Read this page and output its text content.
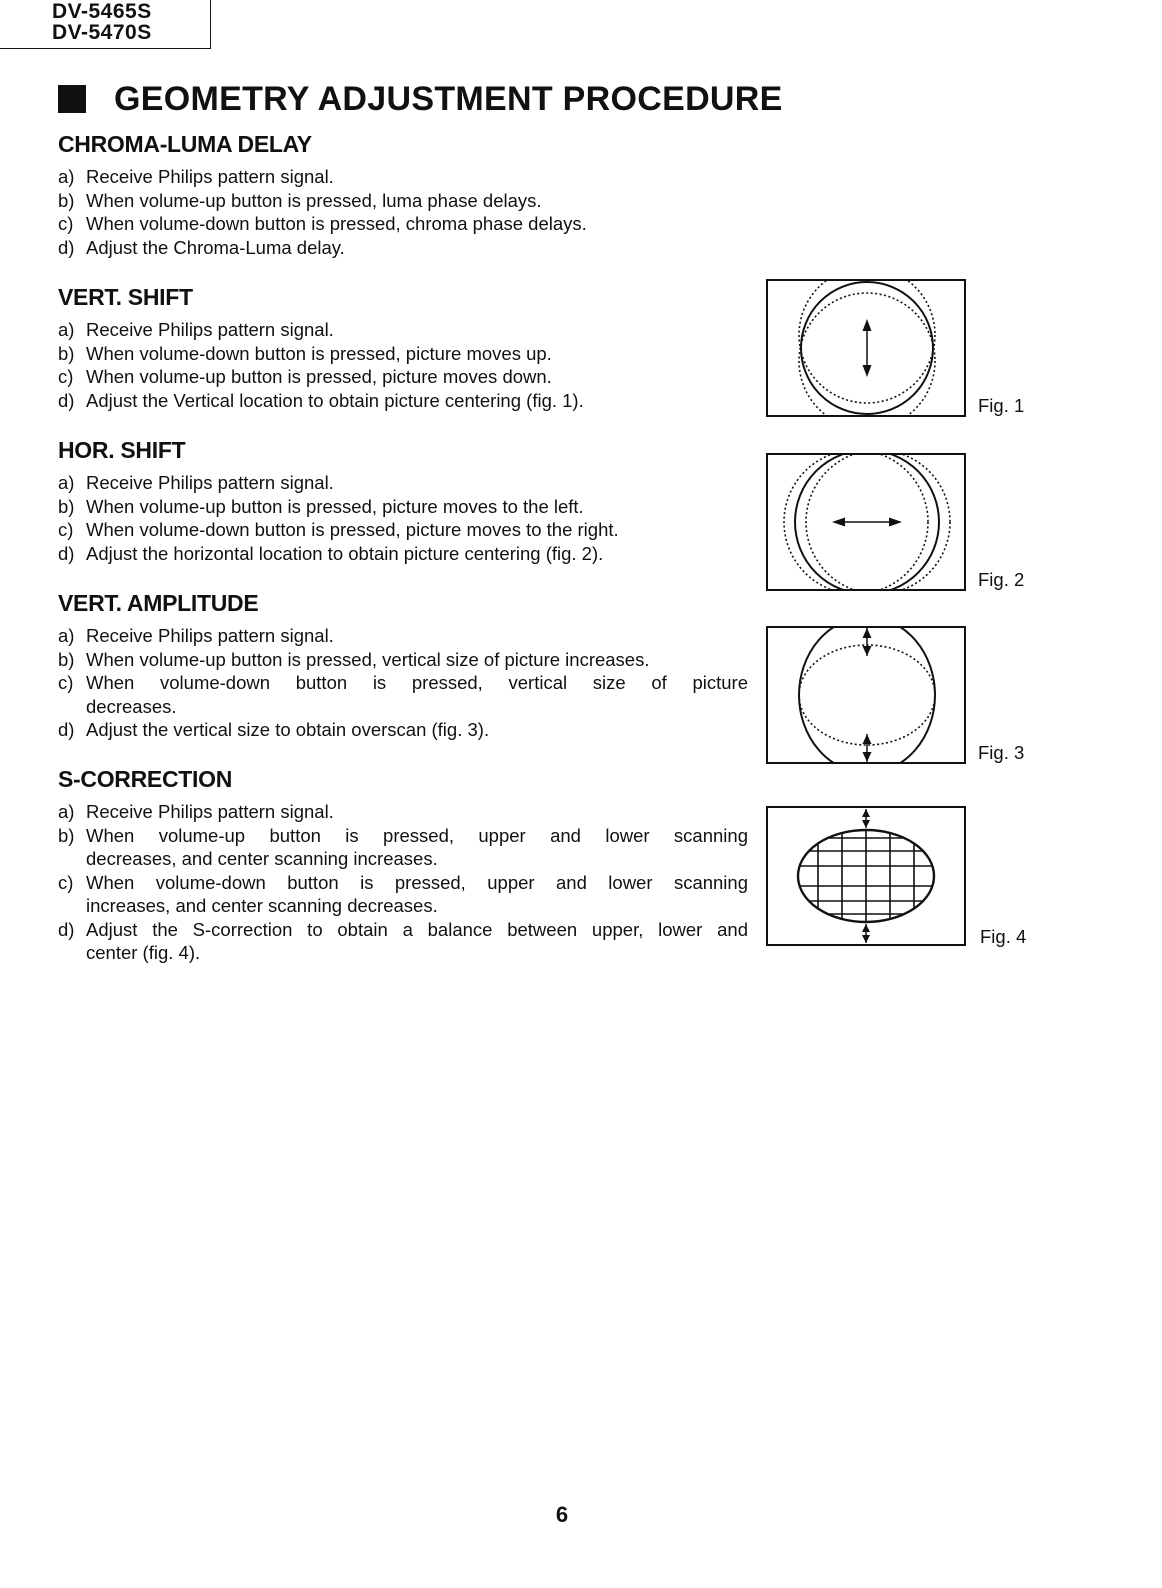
DV-5465S
DV-5470S
GEOMETRY ADJUSTMENT PROCEDURE
CHROMA-LUMA DELAY
a) Receive Philips pattern signal.
b) When volume-up button is pressed, luma phase delays.
c) When volume-down button is pressed, chroma phase delays.
d) Adjust the Chroma-Luma delay.
VERT. SHIFT
a) Receive Philips pattern signal.
b) When volume-down button is pressed, picture moves up.
c) When volume-up button is pressed, picture moves down.
d) Adjust the Vertical location to obtain picture centering (fig. 1).
HOR. SHIFT
a) Receive Philips pattern signal.
b) When volume-up button is pressed, picture moves to the left.
c) When volume-down button is pressed, picture moves to the right.
d) Adjust the horizontal location to obtain picture centering (fig. 2).
VERT. AMPLITUDE
a) Receive Philips pattern signal.
b) When volume-up button is pressed, vertical size of picture increases.
c) When volume-down button is pressed, vertical size of picture
decreases.
d) Adjust the vertical size to obtain overscan (fig. 3).
S-CORRECTION
a) Receive Philips pattern signal.
b) When volume-up button is pressed, upper and lower scanning
decreases, and center scanning increases.
c) When volume-down button is pressed, upper and lower scanning
increases, and center scanning decreases.
d) Adjust the S-correction to obtain a balance between upper, lower and
center (fig. 4).
Fig. 1
Fig. 2
Fig. 3
Fig. 4
6
